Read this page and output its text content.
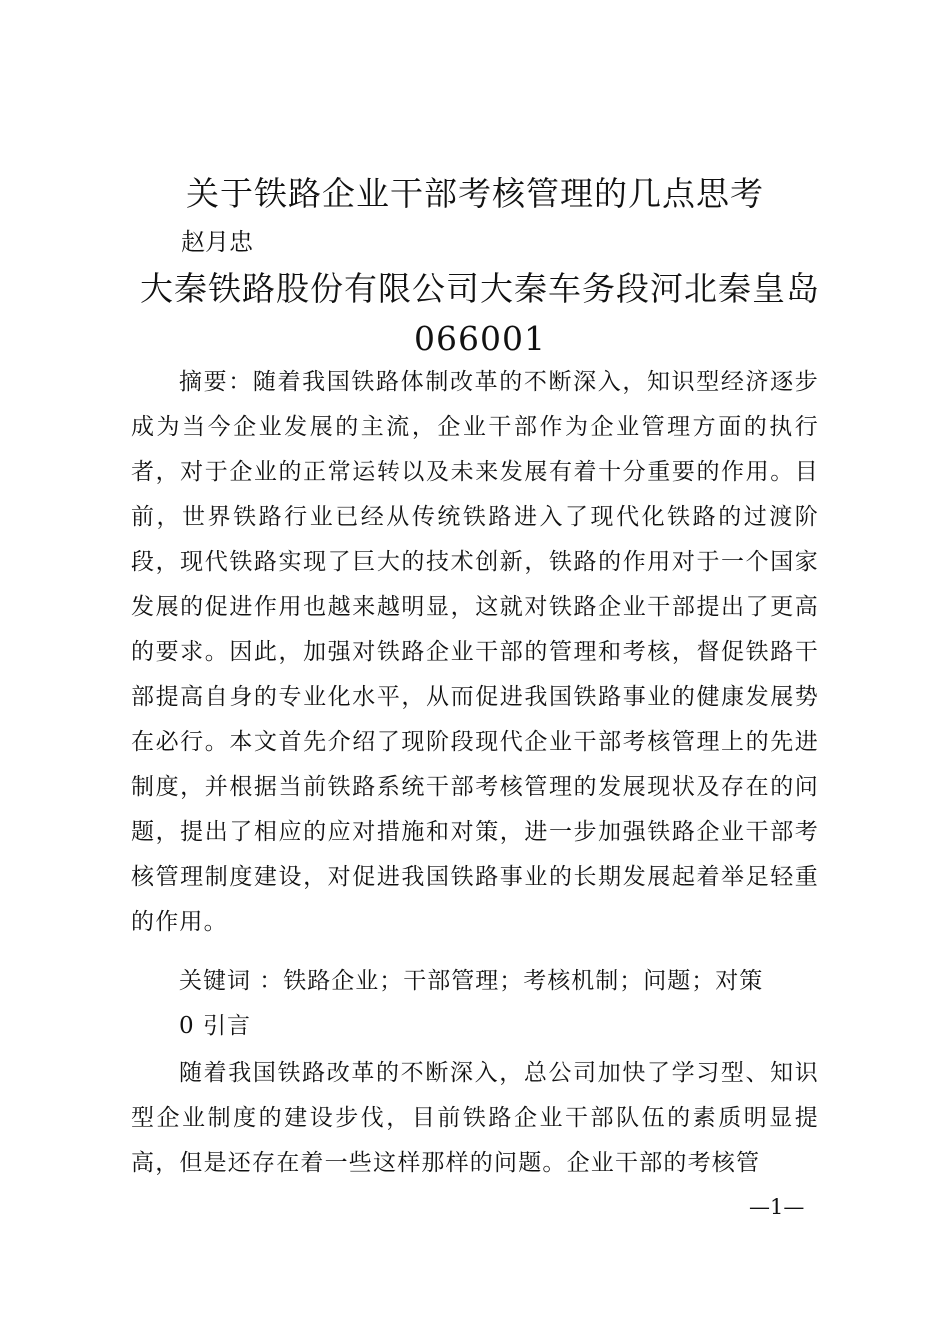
关于铁路企业干部考核管理的几点思考
赵月忠
大秦铁路股份有限公司大秦车务段河北秦皇岛066001
摘要：随着我国铁路体制改革的不断深入，知识型经济逐步成为当今企业发展的主流，企业干部作为企业管理方面的执行者，对于企业的正常运转以及未来发展有着十分重要的作用。目前，世界铁路行业已经从传统铁路进入了现代化铁路的过渡阶段，现代铁路实现了巨大的技术创新，铁路的作用对于一个国家发展的促进作用也越来越明显，这就对铁路企业干部提出了更高的要求。因此，加强对铁路企业干部的管理和考核，督促铁路干部提高自身的专业化水平，从而促进我国铁路事业的健康发展势在必行。本文首先介绍了现阶段现代企业干部考核管理上的先进制度，并根据当前铁路系统干部考核管理的发展现状及存在的问题，提出了相应的应对措施和对策，进一步加强铁路企业干部考核管理制度建设，对促进我国铁路事业的长期发展起着举足轻重的作用。
关键词 ：铁路企业；干部管理；考核机制；问题；对策
0 引言
随着我国铁路改革的不断深入，总公司加快了学习型、知识型企业制度的建设步伐，目前铁路企业干部队伍的素质明显提高，但是还存在着一些这样那样的问题。企业干部的考核管
—1—
